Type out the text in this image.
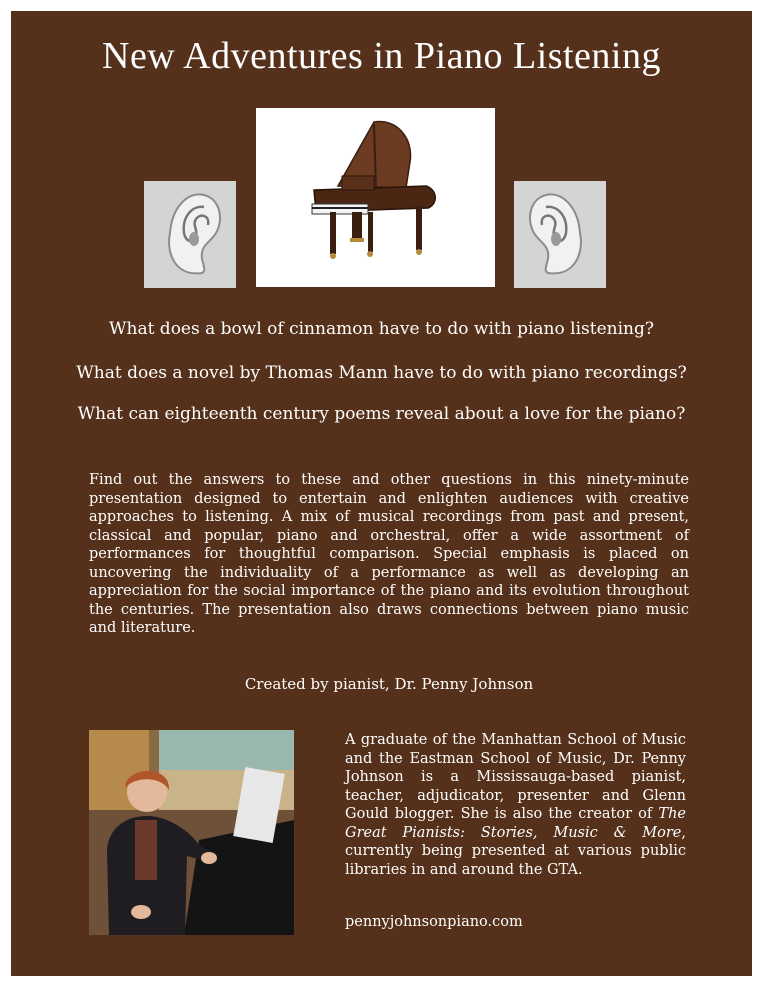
New Adventures in Piano Listening
What does a bowl of cinnamon have to do with piano listening?
What does a novel by Thomas Mann have to do with piano recordings?
What can eighteenth century poems reveal about a love for the piano?
Find out the answers to these and other questions in this ninety-minute presentation designed to entertain and enlighten audiences with creative approaches to listening. A mix of musical recordings from past and present, classical and popular, piano and orchestral, offer a wide assortment of performances for thoughtful comparison. Special emphasis is placed on uncovering the individuality of a performance as well as developing an appreciation for the social importance of the piano and its evolution throughout the centuries. The presentation also draws connections between piano music and literature.
Created by pianist, Dr. Penny Johnson
A graduate of the Manhattan School of Music and the Eastman School of Music, Dr. Penny Johnson is a Mississauga-based pianist, teacher, adjudicator, presenter and Glenn Gould blogger. She is also the creator of The Great Pianists: Stories, Music & More, currently being presented at various public libraries in and around the GTA.
pennyjohnsonpiano.com
